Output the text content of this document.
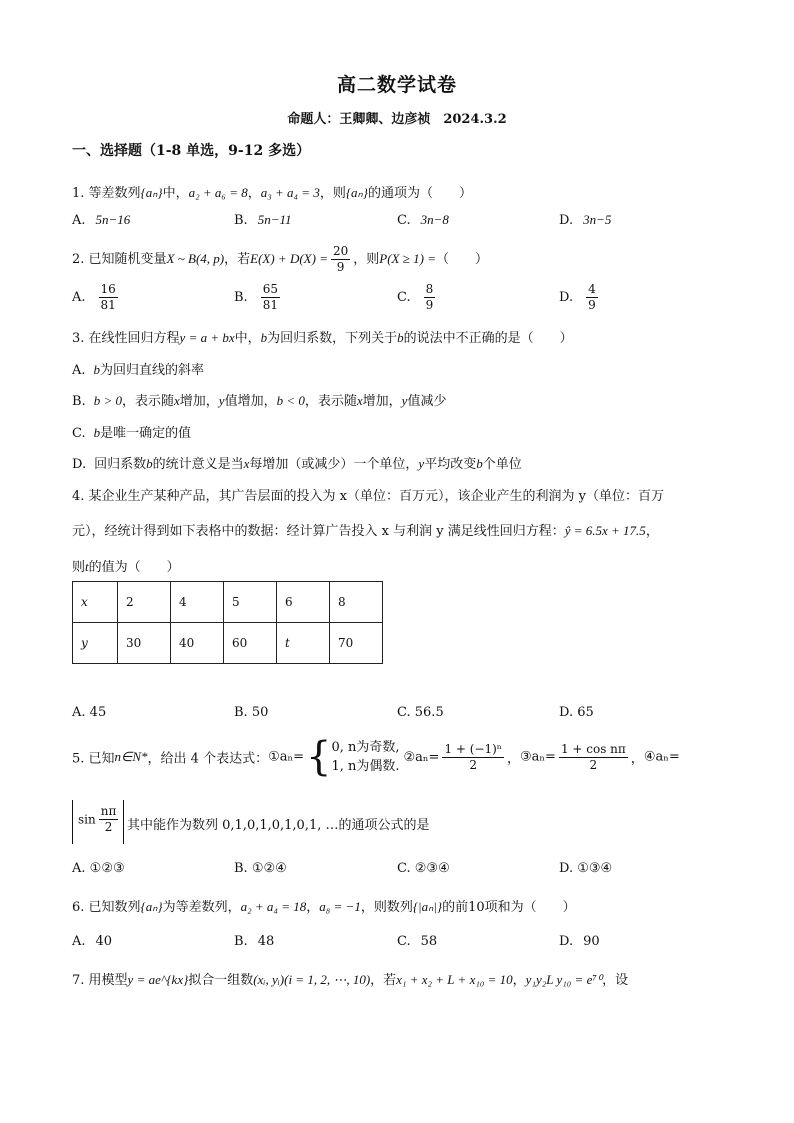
高二数学试卷
命题人：王卿卿、边彦祯　2024.3.2
一、选择题（1-8 单选，9-12 多选）
1. 等差数列{aₙ}中，a₂ + a₆ = 8，a₃ + a₄ = 3，则{aₙ}的通项为（　　）
A. 5n−16	B. 5n−11	C. 3n−8	D. 3n−5
2. 已知随机变量X ~ B(4, p)，若$E(X) + D(X) = \frac{20}{9}$ ，则P(X ≥ 1) =（　　）
A. $\frac{16}{81}$	B. $\frac{65}{81}$	C. $\frac{8}{9}$	D. $\frac{4}{9}$
3. 在线性回归方程y = a + bx中，b为回归系数，下列关于b的说法中不正确的是（　　）
A. b为回归直线的斜率
B. b > 0，表示随x增加，y值增加，b < 0，表示随x增加，y值减少
C. b是唯一确定的值
D. 回归系数b的统计意义是当x每增加（或减少）一个单位，y平均改变b个单位
4. 某企业生产某种产品，其广告层面的投入为 x（单位：百万元），该企业产生的利润为 y（单位：百万
元），经统计得到如下表格中的数据：经计算广告投入 x 与利润 y 满足线性回归方程：ŷ = 6.5x + 17.5，
则t的值为（　　）
x	2	4	5	6	8
y	30	40	60	t	70
A. 45	B. 50	C. 56.5	D. 65
5. 已知n∈N*，给出 4 个表达式：①aₙ={ 0, n为奇数,
1, n为偶数.
②aₙ= $\frac{\text{1 + (−1)ⁿ}}{2}$ ，③aₙ= $\frac{\text{1 + cos nπ}}{2}$ ，④aₙ=
$\sin \frac{n\pi}{2}$ 其中能作为数列 0,1,0,1,0,1,0,1, …的通项公式的是
A. ①②③	B. ①②④	C. ②③④	D. ①③④
6. 已知数列{aₙ}为等差数列，a₂ + a₄ = 18，a₈ = −1，则数列{|aₙ|}的前10项和为（　　）
A. 40	B. 48	C. 58	D. 90
7. 用模型y = ae^{kx}拟合一组数(xᵢ, yᵢ)(i = 1, 2, ⋯, 10)，若x₁ + x₂ + L + x₁₀ = 10，y₁y₂L y₁₀ = e⁷⁰，设
